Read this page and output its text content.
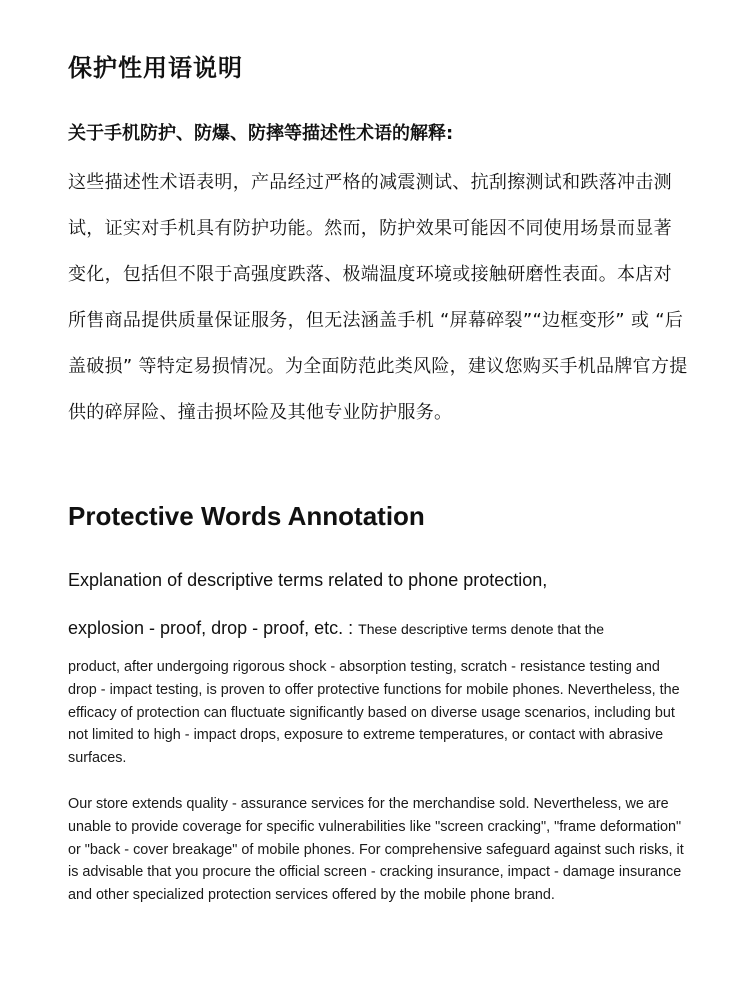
保护性用语说明
关于手机防护、防爆、防摔等描述性术语的解释:

这些描述性术语表明，产品经过严格的减震测试、抗刮擦测试和跌落冲击测试，证实对手机具有防护功能。然而，防护效果可能因不同使用场景而显著变化，包括但不限于高强度跌落、极端温度环境或接触研磨性表面。本店对所售商品提供质量保证服务，但无法涵盖手机 “屏幕碎裂”“边框变形” 或 “后盖破损” 等特定易损情况。为全面防范此类风险，建议您购买手机品牌官方提供的碎屏险、撞击损坏险及其他专业防护服务。

Protective Words Annotation

Explanation of descriptive terms related to phone protection,

explosion - proof, drop - proof, etc. : These descriptive terms denote that the

product, after undergoing rigorous shock - absorption testing, scratch - resistance testing and drop - impact testing, is proven to offer protective functions for mobile phones. Nevertheless, the efficacy of protection can fluctuate significantly based on diverse usage scenarios, including but not limited to high - impact drops, exposure to extreme temperatures, or contact with abrasive surfaces.

Our store extends quality - assurance services for the merchandise sold. Nevertheless, we are unable to provide coverage for specific vulnerabilities like "screen cracking", "frame deformation" or "back - cover breakage" of mobile phones. For comprehensive safeguard against such risks, it is advisable that you procure the official screen - cracking insurance, impact - damage insurance and other specialized protection services offered by the mobile phone brand.
